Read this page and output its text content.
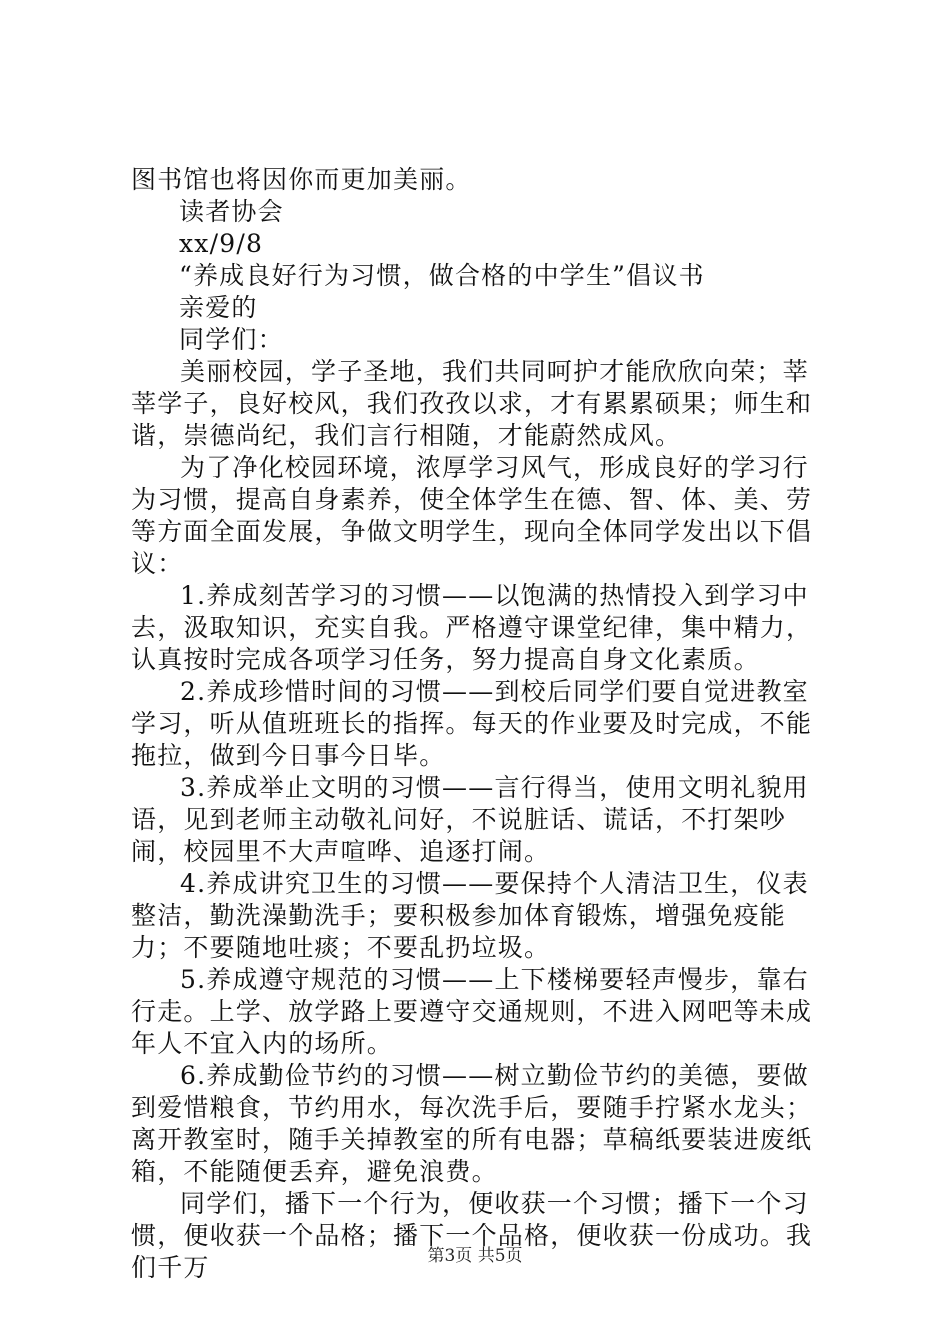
图书馆也将因你而更加美丽。

读者协会

xx/9/8

“养成良好行为习惯，做合格的中学生”倡议书

亲爱的

同学们：

美丽校园，学子圣地，我们共同呵护才能欣欣向荣；莘莘学子，良好校风，我们孜孜以求，才有累累硕果；师生和谐，崇德尚纪，我们言行相随，才能蔚然成风。

为了净化校园环境，浓厚学习风气，形成良好的学习行为习惯，提高自身素养，使全体学生在德、智、体、美、劳等方面全面发展，争做文明学生，现向全体同学发出以下倡议：

1.养成刻苦学习的习惯——以饱满的热情投入到学习中去，汲取知识，充实自我。严格遵守课堂纪律，集中精力，认真按时完成各项学习任务，努力提高自身文化素质。

2.养成珍惜时间的习惯——到校后同学们要自觉进教室学习，听从值班班长的指挥。每天的作业要及时完成，不能拖拉，做到今日事今日毕。

3.养成举止文明的习惯——言行得当，使用文明礼貌用语，见到老师主动敬礼问好，不说脏话、谎话，不打架吵闹，校园里不大声喧哗、追逐打闹。

4.养成讲究卫生的习惯——要保持个人清洁卫生，仪表整洁，勤洗澡勤洗手；要积极参加体育锻炼，增强免疫能力；不要随地吐痰；不要乱扔垃圾。

5.养成遵守规范的习惯——上下楼梯要轻声慢步，靠右行走。上学、放学路上要遵守交通规则，不进入网吧等未成年人不宜入内的场所。

6.养成勤俭节约的习惯——树立勤俭节约的美德，要做到爱惜粮食，节约用水，每次洗手后，要随手拧紧水龙头；离开教室时，随手关掉教室的所有电器；草稿纸要装进废纸箱，不能随便丢弃，避免浪费。

同学们，播下一个行为，便收获一个习惯；播下一个习惯，便收获一个品格；播下一个品格，便收获一份成功。我们千万	第3页 共5页
